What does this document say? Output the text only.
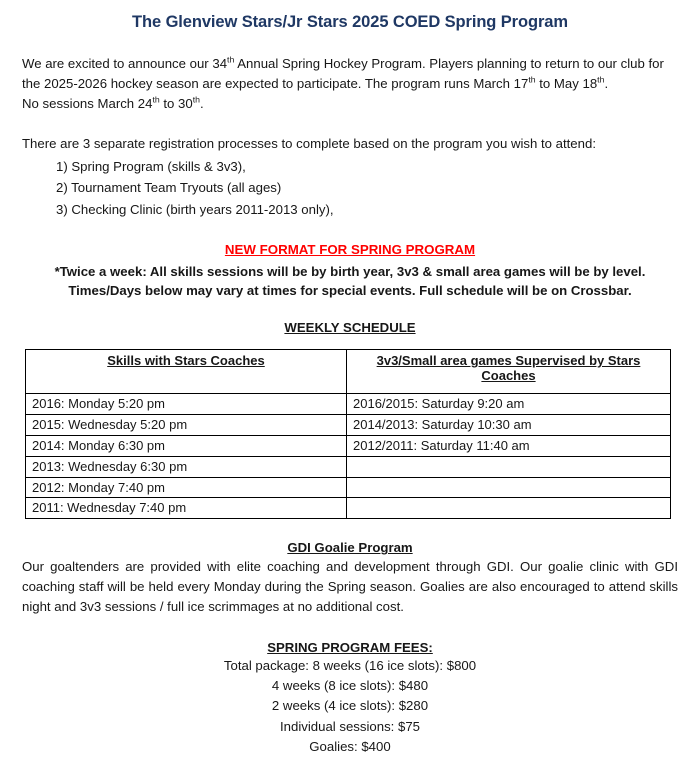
The Glenview Stars/Jr Stars 2025 COED Spring Program

We are excited to announce our 34th Annual Spring Hockey Program. Players planning to return to our club for
the 2025-2026 hockey season are expected to participate. The program runs March 17th to May 18th.
No sessions March 24th to 30th.

There are 3 separate registration processes to complete based on the program you wish to attend:

1) Spring Program (skills & 3v3),
2) Tournament Team Tryouts (all ages)
3) Checking Clinic (birth years 2011-2013 only),

NEW FORMAT FOR SPRING PROGRAM

*Twice a week: All skills sessions will be by birth year, 3v3 & small area games will be by level.
Times/Days below may vary at times for special events. Full schedule will be on Crossbar.

WEEKLY SCHEDULE

Skills with Stars Coaches	3v3/Small area games Supervised by Stars Coaches
2016: Monday 5:20 pm	2016/2015: Saturday 9:20 am
2015: Wednesday 5:20 pm	2014/2013: Saturday 10:30 am
2014: Monday 6:30 pm	2012/2011: Saturday 11:40 am
2013: Wednesday 6:30 pm	
2012: Monday 7:40 pm	
2011: Wednesday 7:40 pm	

GDI Goalie Program

Our goaltenders are provided with elite coaching and development through GDI. Our goalie clinic with GDI coaching staff will be held every Monday during the Spring season. Goalies are also encouraged to attend skills night and 3v3 sessions / full ice scrimmages at no additional cost.

SPRING PROGRAM FEES:

Total package: 8 weeks (16 ice slots): $800
4 weeks (8 ice slots): $480
2 weeks (4 ice slots): $280
Individual sessions: $75
Goalies: $400
